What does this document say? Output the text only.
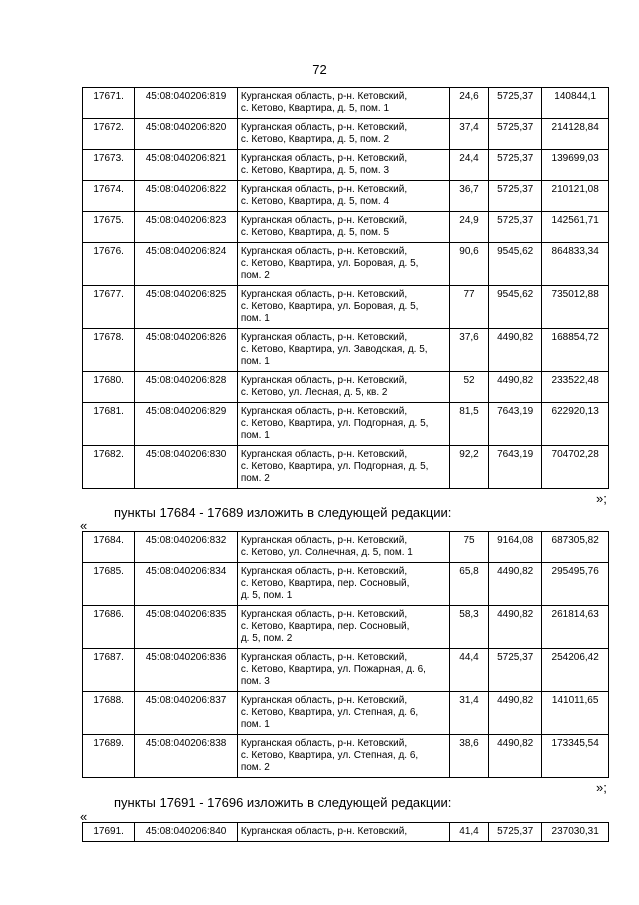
72
17671.	45:08:040206:819	Курганская область, р-н. Кетовский,
с. Кетово, Квартира, д. 5, пом. 1	24,6	5725,37	140844,1
17672.	45:08:040206:820	Курганская область, р-н. Кетовский,
с. Кетово, Квартира, д. 5, пом. 2	37,4	5725,37	214128,84
17673.	45:08:040206:821	Курганская область, р-н. Кетовский,
с. Кетово, Квартира, д. 5, пом. 3	24,4	5725,37	139699,03
17674.	45:08:040206:822	Курганская область, р-н. Кетовский,
с. Кетово, Квартира, д. 5, пом. 4	36,7	5725,37	210121,08
17675.	45:08:040206:823	Курганская область, р-н. Кетовский,
с. Кетово, Квартира, д. 5, пом. 5	24,9	5725,37	142561,71
17676.	45:08:040206:824	Курганская область, р-н. Кетовский,
с. Кетово, Квартира, ул. Боровая, д. 5,
пом. 2	90,6	9545,62	864833,34
17677.	45:08:040206:825	Курганская область, р-н. Кетовский,
с. Кетово, Квартира, ул. Боровая, д. 5,
пом. 1	77	9545,62	735012,88
17678.	45:08:040206:826	Курганская область, р-н. Кетовский,
с. Кетово, Квартира, ул. Заводская, д. 5,
пом. 1	37,6	4490,82	168854,72
17680.	45:08:040206:828	Курганская область, р-н. Кетовский,
с. Кетово, ул. Лесная, д. 5, кв. 2	52	4490,82	233522,48
17681.	45:08:040206:829	Курганская область, р-н. Кетовский,
с. Кетово, Квартира, ул. Подгорная, д. 5,
пом. 1	81,5	7643,19	622920,13
17682.	45:08:040206:830	Курганская область, р-н. Кетовский,
с. Кетово, Квартира, ул. Подгорная, д. 5,
пом. 2	92,2	7643,19	704702,28
»;
пункты 17684 - 17689 изложить в следующей редакции:
«
17684.	45:08:040206:832	Курганская область, р-н. Кетовский,
с. Кетово, ул. Солнечная, д. 5, пом. 1	75	9164,08	687305,82
17685.	45:08:040206:834	Курганская область, р-н. Кетовский,
с. Кетово, Квартира, пер. Сосновый,
д. 5, пом. 1	65,8	4490,82	295495,76
17686.	45:08:040206:835	Курганская область, р-н. Кетовский,
с. Кетово, Квартира, пер. Сосновый,
д. 5, пом. 2	58,3	4490,82	261814,63
17687.	45:08:040206:836	Курганская область, р-н. Кетовский,
с. Кетово, Квартира, ул. Пожарная, д. 6,
пом. 3	44,4	5725,37	254206,42
17688.	45:08:040206:837	Курганская область, р-н. Кетовский,
с. Кетово, Квартира, ул. Степная, д. 6,
пом. 1	31,4	4490,82	141011,65
17689.	45:08:040206:838	Курганская область, р-н. Кетовский,
с. Кетово, Квартира, ул. Степная, д. 6,
пом. 2	38,6	4490,82	173345,54
»;
пункты 17691 - 17696 изложить в следующей редакции:
«
17691.	45:08:040206:840	Курганская область, р-н. Кетовский,	41,4	5725,37	237030,31
